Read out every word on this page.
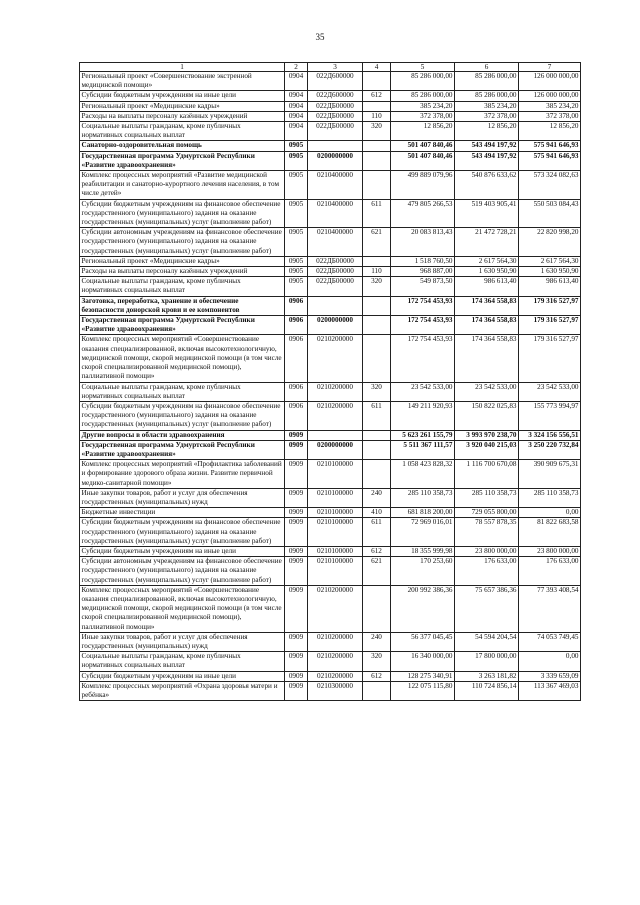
35
1	2	3	4	5	6	7
Региональный проект «Совершенствование экстренной медицинской помощи»	0904	022Д600000		85 286 000,00	85 286 000,00	126 000 000,00
Субсидии бюджетным учреждениям на иные цели	0904	022Д600000	612	85 286 000,00	85 286 000,00	126 000 000,00
Региональный проект «Медицинские кадры»	0904	022ДБ00000		385 234,20	385 234,20	385 234,20
Расходы на выплаты персоналу казённых учреждений	0904	022ДБ00000	110	372 378,00	372 378,00	372 378,00
Социальные выплаты гражданам, кроме публичных нормативных социальных выплат	0904	022ДБ00000	320	12 856,20	12 856,20	12 856,20
Санаторно-оздоровительная помощь	0905			501 407 840,46	543 494 197,92	575 941 646,93
Государственная программа Удмуртской Республики «Развитие здравоохранения»	0905	0200000000		501 407 840,46	543 494 197,92	575 941 646,93
Комплекс процессных мероприятий «Развитие медицинской реабилитации и санаторно-курортного лечения населения, в том числе детей»	0905	0210400000		499 889 079,96	540 876 633,62	573 324 082,63
Субсидии бюджетным учреждениям на финансовое обеспечение государственного (муниципального) задания на оказание государственных (муниципальных) услуг (выполнение работ)	0905	0210400000	611	479 805 266,53	519 403 905,41	550 503 084,43
Субсидии автономным учреждениям на финансовое обеспечение государственного (муниципального) задания на оказание государственных (муниципальных) услуг (выполнение работ)	0905	0210400000	621	20 083 813,43	21 472 728,21	22 820 998,20
Региональный проект «Медицинские кадры»	0905	022ДБ00000		1 518 760,50	2 617 564,30	2 617 564,30
Расходы на выплаты персоналу казённых учреждений	0905	022ДБ00000	110	968 887,00	1 630 950,90	1 630 950,90
Социальные выплаты гражданам, кроме публичных нормативных социальных выплат	0905	022ДБ00000	320	549 873,50	986 613,40	986 613,40
Заготовка, переработка, хранение и обеспечение безопасности донорской крови и ее компонентов	0906			172 754 453,93	174 364 558,83	179 316 527,97
Государственная программа Удмуртской Республики «Развитие здравоохранения»	0906	0200000000		172 754 453,93	174 364 558,83	179 316 527,97
Комплекс процессных мероприятий «Совершенствование оказания специализированной, включая высокотехнологичную, медицинской помощи, скорой медицинской помощи (в том числе скорой специализированной медицинской помощи), паллиативной помощи»	0906	0210200000		172 754 453,93	174 364 558,83	179 316 527,97
Социальные выплаты гражданам, кроме публичных нормативных социальных выплат	0906	0210200000	320	23 542 533,00	23 542 533,00	23 542 533,00
Субсидии бюджетным учреждениям на финансовое обеспечение государственного (муниципального) задания на оказание государственных (муниципальных) услуг (выполнение работ)	0906	0210200000	611	149 211 920,93	150 822 025,83	155 773 994,97
Другие вопросы в области здравоохранения	0909			5 623 261 155,79	3 993 970 238,70	3 324 156 556,51
Государственная программа Удмуртской Республики «Развитие здравоохранения»	0909	0200000000		5 511 367 111,57	3 920 040 215,03	3 250 220 732,84
Комплекс процессных мероприятий «Профилактика заболеваний и формирование здорового образа жизни. Развитие первичной медико-санитарной помощи»	0909	0210100000		1 058 423 828,32	1 116 700 670,08	390 909 675,31
Иные закупки товаров, работ и услуг для обеспечения государственных (муниципальных) нужд	0909	0210100000	240	285 110 358,73	285 110 358,73	285 110 358,73
Бюджетные инвестиции	0909	0210100000	410	681 818 200,00	729 055 800,00	0,00
Субсидии бюджетным учреждениям на финансовое обеспечение государственного (муниципального) задания на оказание государственных (муниципальных) услуг (выполнение работ)	0909	0210100000	611	72 969 016,01	78 557 878,35	81 822 683,58
Субсидии бюджетным учреждениям на иные цели	0909	0210100000	612	18 355 999,98	23 800 000,00	23 800 000,00
Субсидии автономным учреждениям на финансовое обеспечение государственного (муниципального) задания на оказание государственных (муниципальных) услуг (выполнение работ)	0909	0210100000	621	170 253,60	176 633,00	176 633,00
Комплекс процессных мероприятий «Совершенствование оказания специализированной, включая высокотехнологичную, медицинской помощи, скорой медицинской помощи (в том числе скорой специализированной медицинской помощи), паллиативной помощи»	0909	0210200000		200 992 386,36	75 657 386,36	77 393 408,54
Иные закупки товаров, работ и услуг для обеспечения государственных (муниципальных) нужд	0909	0210200000	240	56 377 045,45	54 594 204,54	74 053 749,45
Социальные выплаты гражданам, кроме публичных нормативных социальных выплат	0909	0210200000	320	16 340 000,00	17 800 000,00	0,00
Субсидии бюджетным учреждениям на иные цели	0909	0210200000	612	128 275 340,91	3 263 181,82	3 339 659,09
Комплекс процессных мероприятий «Охрана здоровья матери и ребёнка»	0909	0210300000		122 075 115,80	110 724 856,14	113 367 469,03
